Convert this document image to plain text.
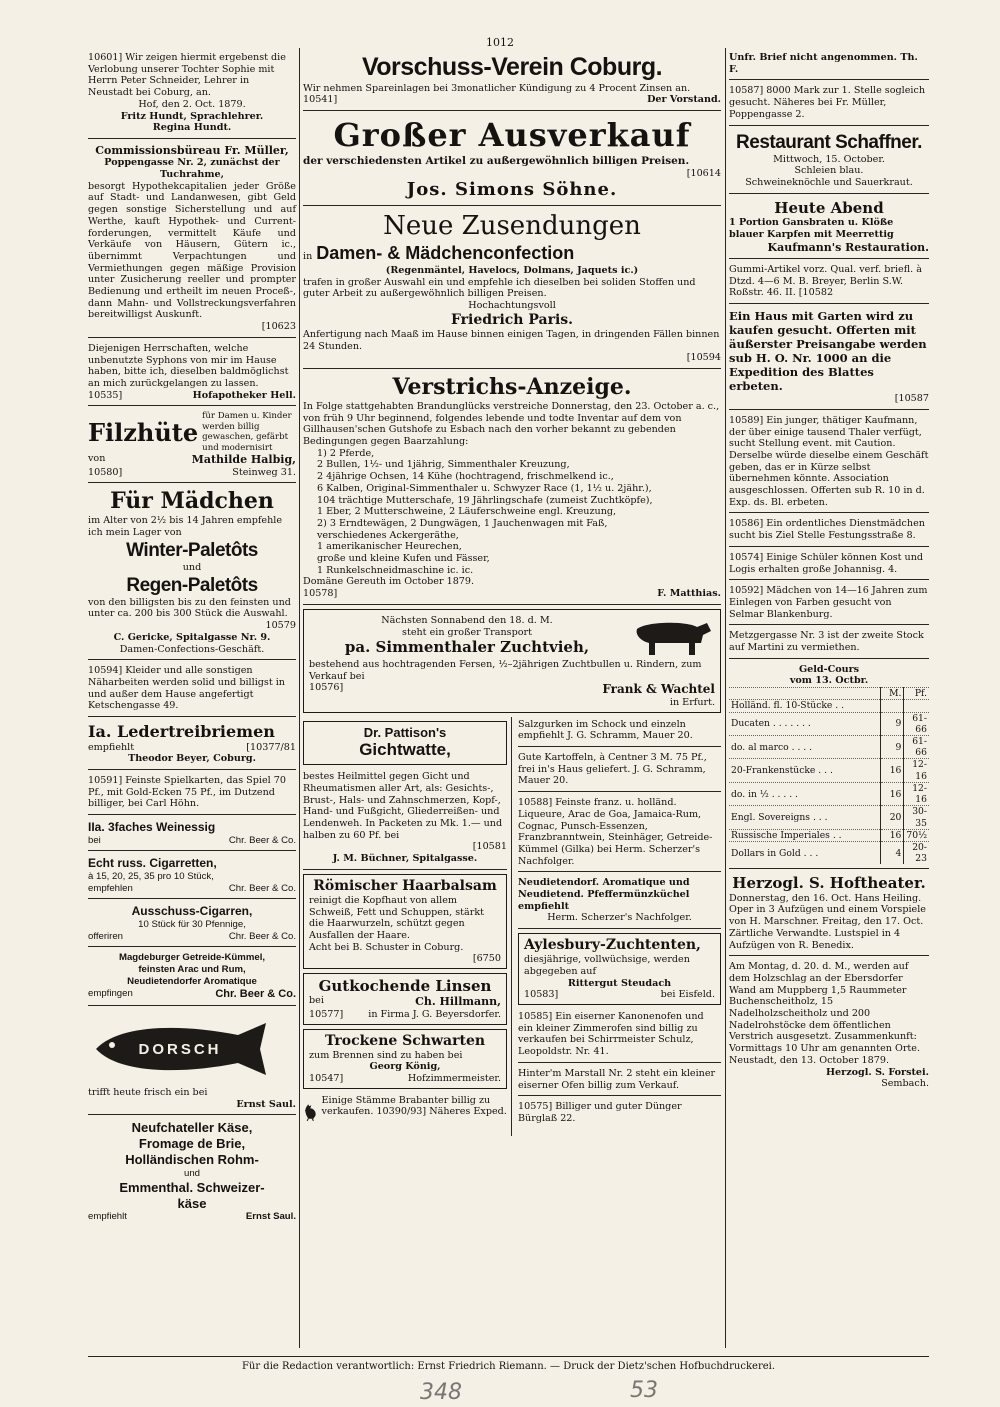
1012
10601] Wir zeigen hiermit ergebenst die Verlobung unserer Tochter Sophie mit Herrn Peter Schneider, Lehrer in Neustadt bei Coburg, an.
Hof, den 2. Oct. 1879.
Fritz Hundt, Sprachlehrer.
Regina Hundt.
Commissionsbüreau Fr. Müller,
Poppengasse Nr. 2, zunächst der Tuchrahme,
besorgt Hypothekcapitalien jeder Größe auf Stadt- und Landanwesen, gibt Geld gegen sonstige Sicherstellung und auf Werthe, kauft Hypothek- und Current-forderungen, vermittelt Käufe und Verkäufe von Häusern, Gütern ic., übernimmt Verpachtungen und Vermiethungen gegen mäßige Provision unter Zusicherung reeller und prompter Bedienung und ertheilt im neuen Proceß-, dann Mahn- und Vollstreckungsverfahren bereitwilligst Auskunft.
[10623
Diejenigen Herrschaften, welche unbenutzte Syphons von mir im Hause haben, bitte ich, dieselben baldmöglichst an mich zurückgelangen zu lassen.
10535]	Hofapotheker Hell.
Filzhüte
für Damen u. Kinder werden billig gewaschen, gefärbt und modernisirt
von	Mathilde Halbig,
10580]	Steinweg 31.
Für Mädchen
im Alter von 2½ bis 14 Jahren empfehle ich mein Lager von
Winter-Paletôts
und
Regen-Paletôts
von den billigsten bis zu den feinsten und unter ca. 200 bis 300 Stück die Auswahl.
10579
C. Gericke, Spitalgasse Nr. 9.
Damen-Confections-Geschäft.
10594] Kleider und alle sonstigen Näharbeiten werden solid und billigst in und außer dem Hause angefertigt Ketschengasse 49.
Ia. Ledertreibriemen
empfiehlt	[10377/81
Theodor Beyer, Coburg.
10591] Feinste Spielkarten, das Spiel 70 Pf., mit Gold-Ecken 75 Pf., im Dutzend billiger, bei Carl Höhn.
IIa. 3faches Weinessig
bei	Chr. Beer & Co.
Echt russ. Cigarretten,
à 15, 20, 25, 35 pro 10 Stück,
empfehlen	Chr. Beer & Co.
Ausschuss-Cigarren,
10 Stück für 30 Pfennige,
offeriren	Chr. Beer & Co.
Magdeburger Getreide-Kümmel,
feinsten Arac und Rum,
Neudietendorfer Aromatique
empfingen	Chr. Beer & Co.
DORSCH
trifft heute frisch ein bei
Ernst Saul.
Neufchateller Käse,
Fromage de Brie,
Holländischen Rohm-
und
Emmenthal. Schweizer-
käse
empfiehlt	Ernst Saul.
Vorschuss-Verein Coburg.
Wir nehmen Spareinlagen bei 3monatlicher Kündigung zu 4 Procent Zinsen an.
10541]	Der Vorstand.
Großer Ausverkauf
der verschiedensten Artikel zu außergewöhnlich billigen Preisen.
[10614
Jos. Simons Söhne.
Neue Zusendungen
in Damen- & Mädchenconfection
(Regenmäntel, Havelocs, Dolmans, Jaquets ic.)
trafen in großer Auswahl ein und empfehle ich dieselben bei soliden Stoffen und guter Arbeit zu außergewöhnlich billigen Preisen.
Hochachtungsvoll
Friedrich Paris.
Anfertigung nach Maaß im Hause binnen einigen Tagen, in dringenden Fällen binnen 24 Stunden.
[10594
Verstrichs-Anzeige.
In Folge stattgehabten Brandunglücks verstreiche Donnerstag, den 23. October a. c., von früh 9 Uhr beginnend, folgendes lebende und todte Inventar auf dem von Gillhausen'schen Gutshofe zu Esbach nach den vorher bekannt zu gebenden Bedingungen gegen Baarzahlung:
1) 2 Pferde,
2 Bullen, 1½- und 1jährig, Simmenthaler Kreuzung,
2 4jährige Ochsen, 14 Kühe (hochtragend, frischmelkend ic.,
6 Kalben, Original-Simmenthaler u. Schwyzer Race (1, 1½ u. 2jähr.),
104 trächtige Mutterschafe, 19 Jährlingschafe (zumeist Zuchtköpfe),
1 Eber, 2 Mutterschweine, 2 Läuferschweine engl. Kreuzung,
2) 3 Erndtewägen, 2 Dungwägen, 1 Jauchenwagen mit Faß,
verschiedenes Ackergeräthe,
1 amerikanischer Heurechen,
große und kleine Kufen und Fässer,
1 Runkelschneidmaschine ic. ic.
Domäne Gereuth im October 1879.
10578]	F. Matthias.
Nächsten Sonnabend den 18. d. M.
steht ein großer Transport
pa. Simmenthaler Zuchtvieh,
bestehend aus hochtragenden Fersen, ½–2jährigen Zuchtbullen u. Rindern, zum Verkauf bei
10576]	Frank & Wachtel
in Erfurt.
Dr. Pattison's
Gichtwatte,
bestes Heilmittel gegen Gicht und Rheumatismen aller Art, als: Gesichts-, Brust-, Hals- und Zahnschmerzen, Kopf-, Hand- und Fußgicht, Gliederreißen- und Lendenweh. In Packeten zu Mk. 1.— und halben zu 60 Pf. bei
[10581
J. M. Büchner, Spitalgasse.
Römischer Haarbalsam
reinigt die Kopfhaut von allem Schweiß, Fett und Schuppen, stärkt die Haarwurzeln, schützt gegen Ausfallen der Haare.
Acht bei B. Schuster in Coburg.
[6750
Gutkochende Linsen
bei	Ch. Hillmann,
10577]	in Firma J. G. Beyersdorfer.
Trockene Schwarten
zum Brennen sind zu haben bei
Georg König,
10547]	Hofzimmermeister.
Einige Stämme Brabanter billig zu verkaufen. 10390/93] Näheres Exped.
Salzgurken im Schock und einzeln empfiehlt J. G. Schramm, Mauer 20.
Gute Kartoffeln, à Centner 3 M. 75 Pf., frei in's Haus geliefert. J. G. Schramm, Mauer 20.
10588] Feinste franz. u. holländ. Liqueure, Arac de Goa, Jamaica-Rum, Cognac, Punsch-Essenzen, Franzbranntwein, Steinhäger, Getreide-Kümmel (Gilka) bei Herm. Scherzer's Nachfolger.
Neudietendorf. Aromatique und Neudietend. Pfeffermünzküchel empfiehlt
Herm. Scherzer's Nachfolger.
Aylesbury-Zuchtenten,
diesjährige, vollwüchsige, werden abgegeben auf
Rittergut Steudach
10583]	bei Eisfeld.
10585] Ein eiserner Kanonenofen und ein kleiner Zimmerofen sind billig zu verkaufen bei Schirrmeister Schulz, Leopoldstr. Nr. 41.
Hinter'm Marstall Nr. 2 steht ein kleiner eiserner Ofen billig zum Verkauf.
10575] Billiger und guter Dünger Bürglaß 22.
Unfr. Brief nicht angenommen. Th. F.
10587] 8000 Mark zur 1. Stelle sogleich gesucht. Näheres bei Fr. Müller, Poppengasse 2.
Restaurant Schaffner.
Mittwoch, 15. October.
Schleien blau.
Schweineknöchle und Sauerkraut.
Heute Abend
1 Portion Gansbraten u. Klöße blauer Karpfen mit Meerrettig
Kaufmann's Restauration.
Gummi-Artikel vorz. Qual. verf. briefl. à Dtzd. 4—6 M. B. Breyer, Berlin S.W. Roßstr. 46. II. [10582
Ein Haus mit Garten wird zu kaufen gesucht. Offerten mit äußerster Preisangabe werden sub H. O. Nr. 1000 an die Expedition des Blattes erbeten.
[10587
10589] Ein junger, thätiger Kaufmann, der über einige tausend Thaler verfügt, sucht Stellung event. mit Caution. Derselbe würde dieselbe einem Geschäft geben, das er in Kürze selbst übernehmen könnte. Association ausgeschlossen. Offerten sub R. 10 in d. Exp. ds. Bl. erbeten.
10586] Ein ordentliches Dienstmädchen sucht bis Ziel Stelle Festungsstraße 8.
10574] Einige Schüler können Kost und Logis erhalten große Johannisg. 4.
10592] Mädchen von 14—16 Jahren zum Einlegen von Farben gesucht von Selmar Blankenburg.
Metzgergasse Nr. 3 ist der zweite Stock auf Martini zu vermiethen.
Geld-Cours
vom 13. Octbr.
	M.	Pf.
Holländ. fl. 10-Stücke . .		
Ducaten . . . . . . .	9	61-66
do. al marco . . . .	9	61-66
20-Frankenstücke . . .	16	12-16
do. in ½ . . . . .	16	12-16
Engl. Sovereigns . . .	20	30-35
Russische Imperiales . .	16	70½
Dollars in Gold . . .	4	20-23
Herzogl. S. Hoftheater.
Donnerstag, den 16. Oct. Hans Heiling. Oper in 3 Aufzügen und einem Vorspiele von H. Marschner. Freitag, den 17. Oct. Zärtliche Verwandte. Lustspiel in 4 Aufzügen von R. Benedix.
Am Montag, d. 20. d. M., werden auf dem Holzschlag an der Ebersdorfer Wand am Muppberg 1,5 Raummeter Buchenscheitholz, 15 Nadelholzscheitholz und 200 Nadelrohstöcke dem öffentlichen Verstrich ausgesetzt. Zusammenkunft: Vormittags 10 Uhr am genannten Orte.
Neustadt, den 13. October 1879.
Herzogl. S. Forstei.
Sembach.
Für die Redaction verantwortlich: Ernst Friedrich Riemann. — Druck der Dietz'schen Hofbuchdruckerei.
348	53
